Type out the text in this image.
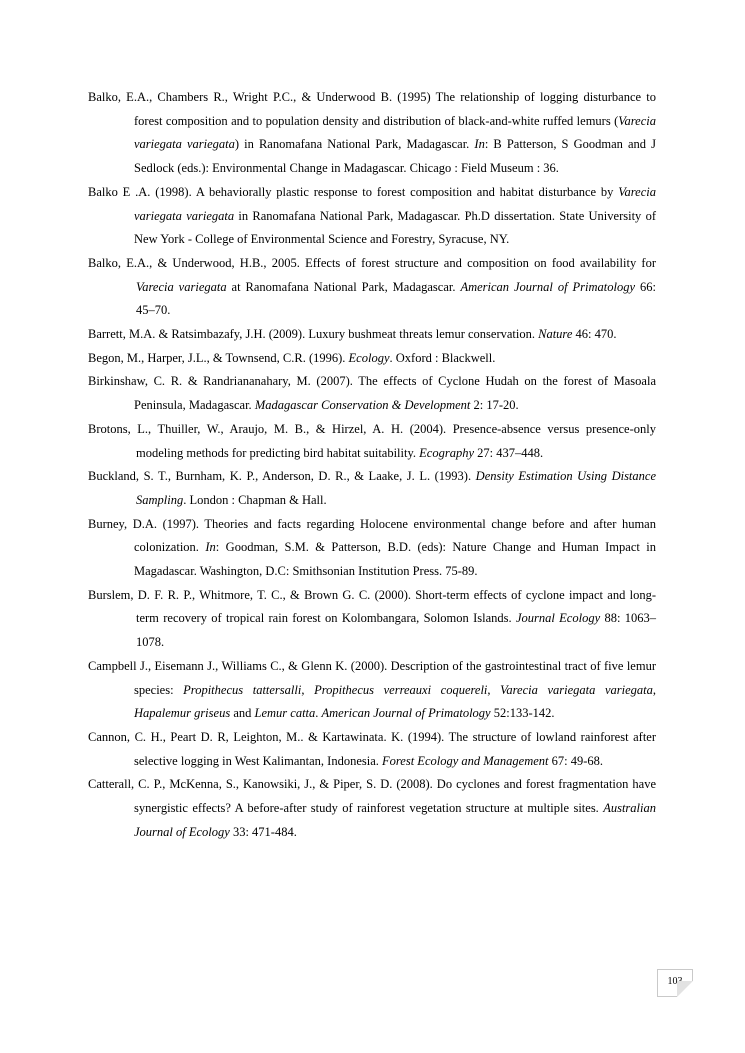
Balko, E.A., Chambers R., Wright P.C., & Underwood B. (1995) The relationship of logging disturbance to forest composition and to population density and distribution of black-and-white ruffed lemurs (Varecia variegata variegata) in Ranomafana National Park, Madagascar. In: B Patterson, S Goodman and J Sedlock (eds.): Environmental Change in Madagascar. Chicago : Field Museum : 36.

Balko E .A. (1998). A behaviorally plastic response to forest composition and habitat disturbance by Varecia variegata variegata in Ranomafana National Park, Madagascar. Ph.D dissertation. State University of New York - College of Environmental Science and Forestry, Syracuse, NY.

Balko, E.A., & Underwood, H.B., 2005. Effects of forest structure and composition on food availability for Varecia variegata at Ranomafana National Park, Madagascar. American Journal of Primatology 66: 45–70.

Barrett, M.A. & Ratsimbazafy, J.H. (2009). Luxury bushmeat threats lemur conservation. Nature 46: 470.

Begon, M., Harper, J.L., & Townsend, C.R. (1996). Ecology. Oxford : Blackwell.

Birkinshaw, C. R. & Randriananahary, M. (2007). The effects of Cyclone Hudah on the forest of Masoala Peninsula, Madagascar. Madagascar Conservation & Development 2: 17-20.

Brotons, L., Thuiller, W., Araujo, M. B., & Hirzel, A. H. (2004). Presence-absence versus presence-only modeling methods for predicting bird habitat suitability. Ecography 27: 437–448.

Buckland, S. T., Burnham, K. P., Anderson, D. R., & Laake, J. L. (1993). Density Estimation Using Distance Sampling. London : Chapman & Hall.

Burney, D.A. (1997). Theories and facts regarding Holocene environmental change before and after human colonization. In: Goodman, S.M. & Patterson, B.D. (eds): Nature Change and Human Impact in Magadascar. Washington, D.C: Smithsonian Institution Press. 75-89.

Burslem, D. F. R. P., Whitmore, T. C., & Brown G. C. (2000). Short-term effects of cyclone impact and long-term recovery of tropical rain forest on Kolombangara, Solomon Islands. Journal Ecology 88: 1063–1078.

Campbell J., Eisemann J., Williams C., & Glenn K. (2000). Description of the gastrointestinal tract of five lemur species: Propithecus tattersalli, Propithecus verreauxi coquereli, Varecia variegata variegata, Hapalemur griseus and Lemur catta. American Journal of Primatology 52:133-142.

Cannon, C. H., Peart D. R, Leighton, M.. & Kartawinata. K. (1994). The structure of lowland rainforest after selective logging in West Kalimantan, Indonesia. Forest Ecology and Management 67: 49-68.

Catterall, C. P., McKenna, S., Kanowsiki, J., & Piper, S. D. (2008). Do cyclones and forest fragmentation have synergistic effects? A before-after study of rainforest vegetation structure at multiple sites. Australian Journal of Ecology 33: 471-484.

103
